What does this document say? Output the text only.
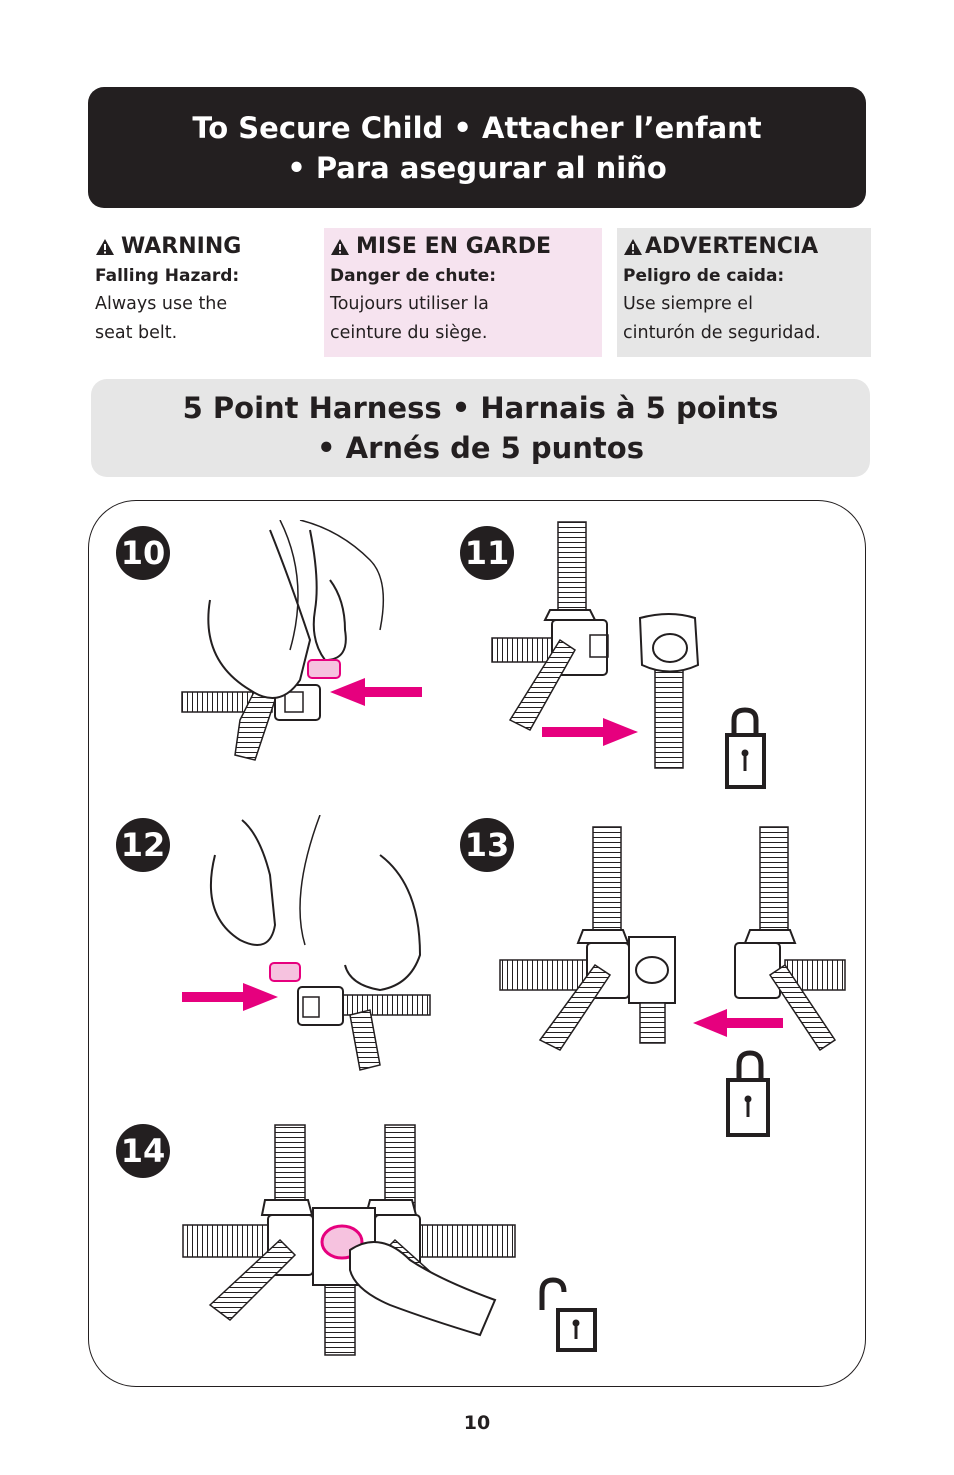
To Secure Child • Attacher l’enfant
• Para asegurar al niño
WARNING
Falling Hazard:
Always use the
seat belt.
MISE EN GARDE
Danger de chute:
Toujours utiliser la
ceinture du siège.
ADVERTENCIA
Peligro de caida:
Use siempre el
cinturón de seguridad.
5 Point Harness • Harnais à 5 points
• Arnés de 5 puntos
10	11
12	13
14
10
